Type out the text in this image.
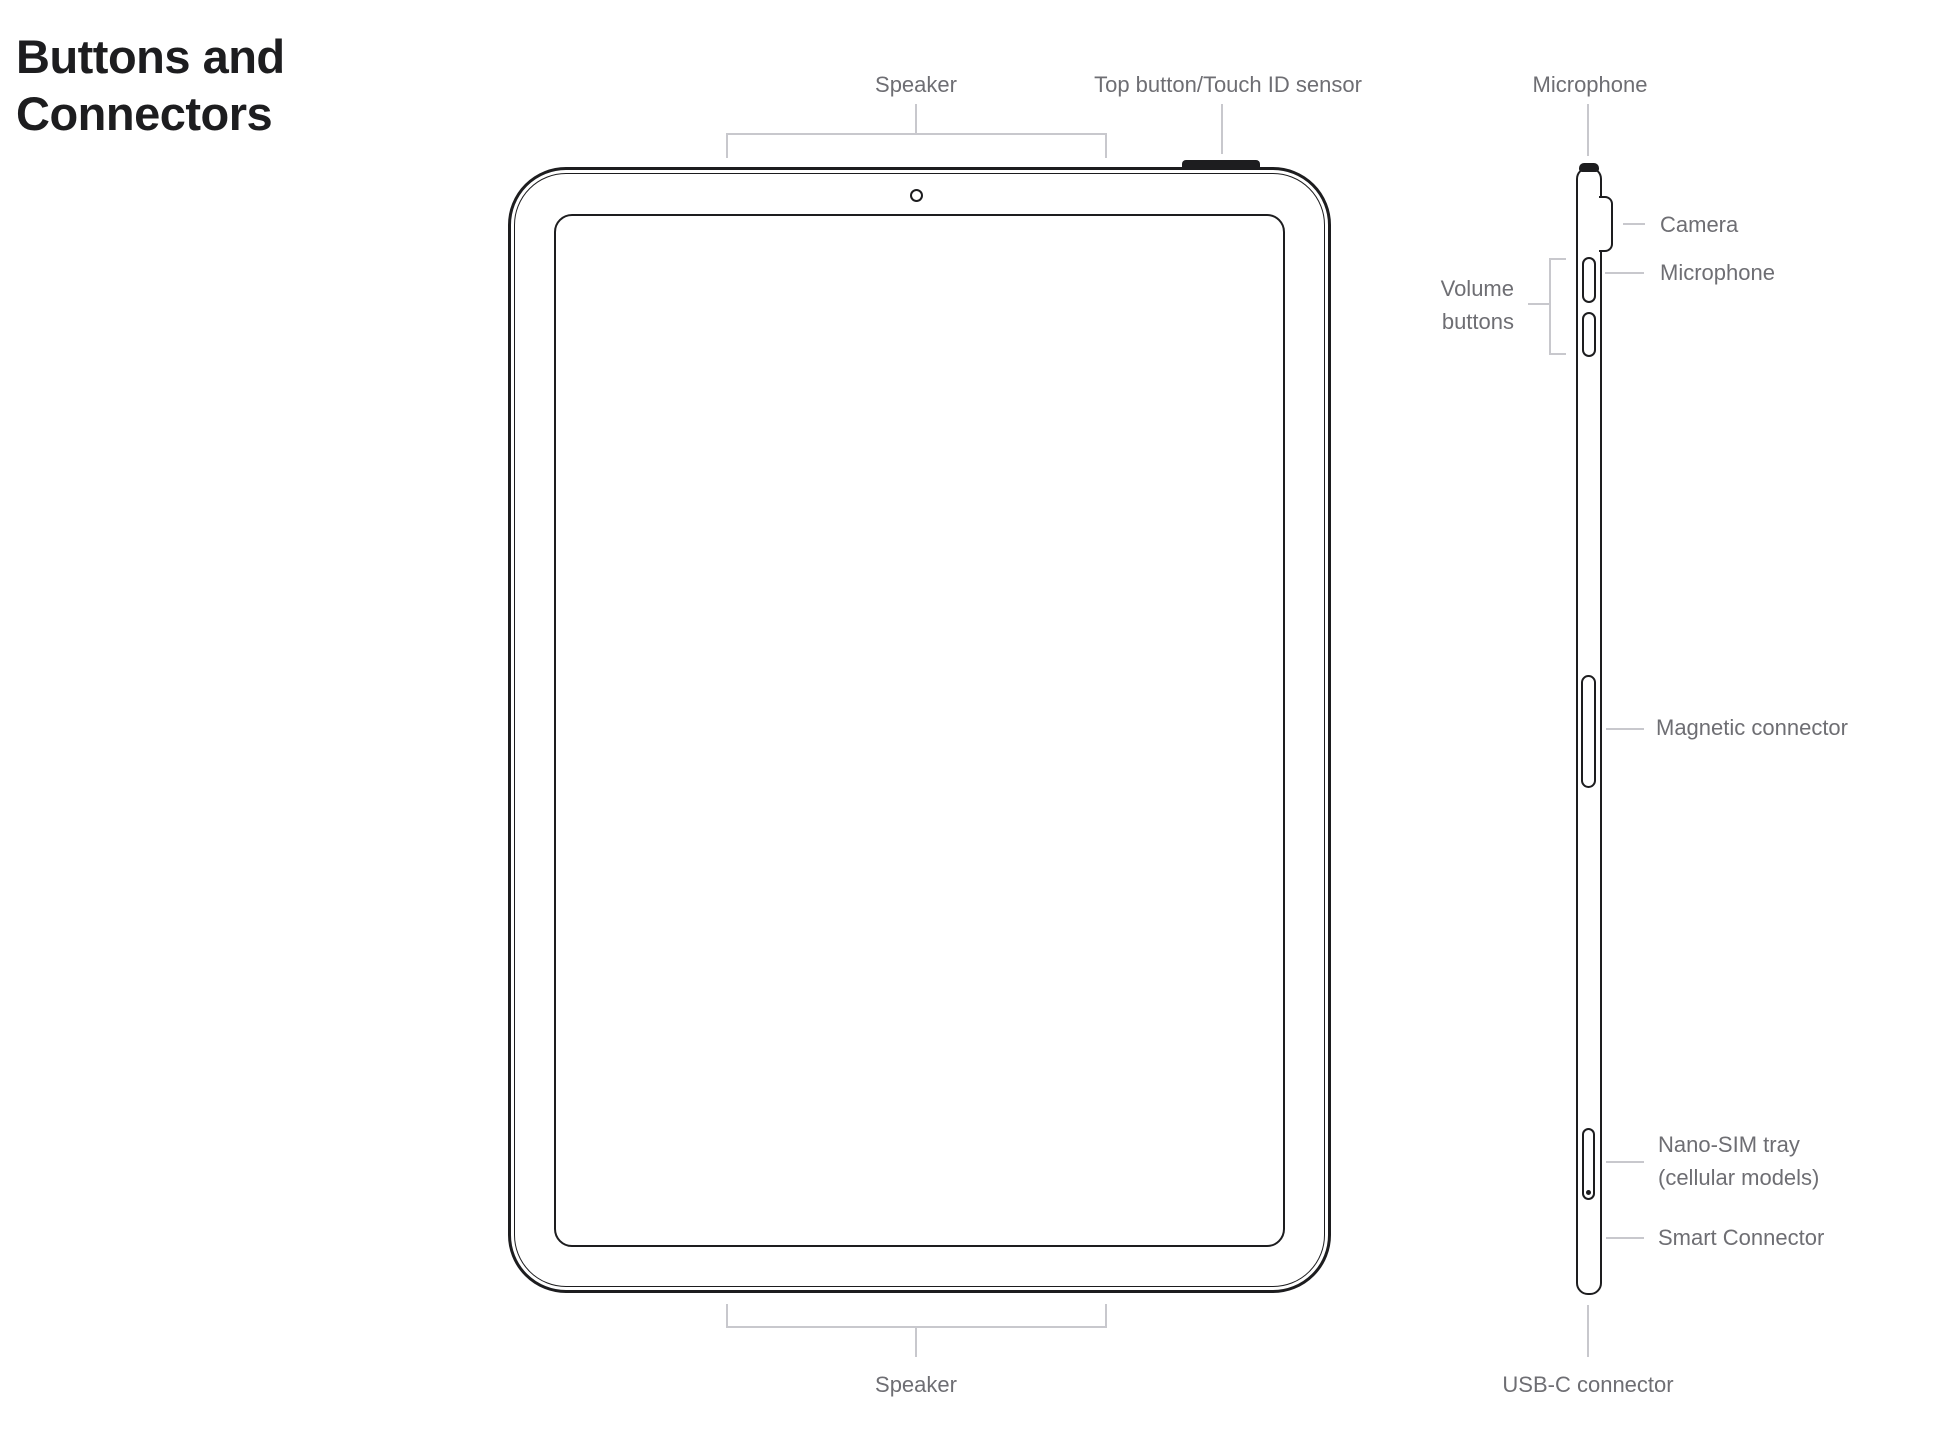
Buttons and Connectors
Speaker	Top button/Touch ID sensor
Speaker
Microphone
Camera
Microphone
Volume
buttons
Magnetic connector
Nano-SIM tray
(cellular models)
Smart Connector
USB-C connector
